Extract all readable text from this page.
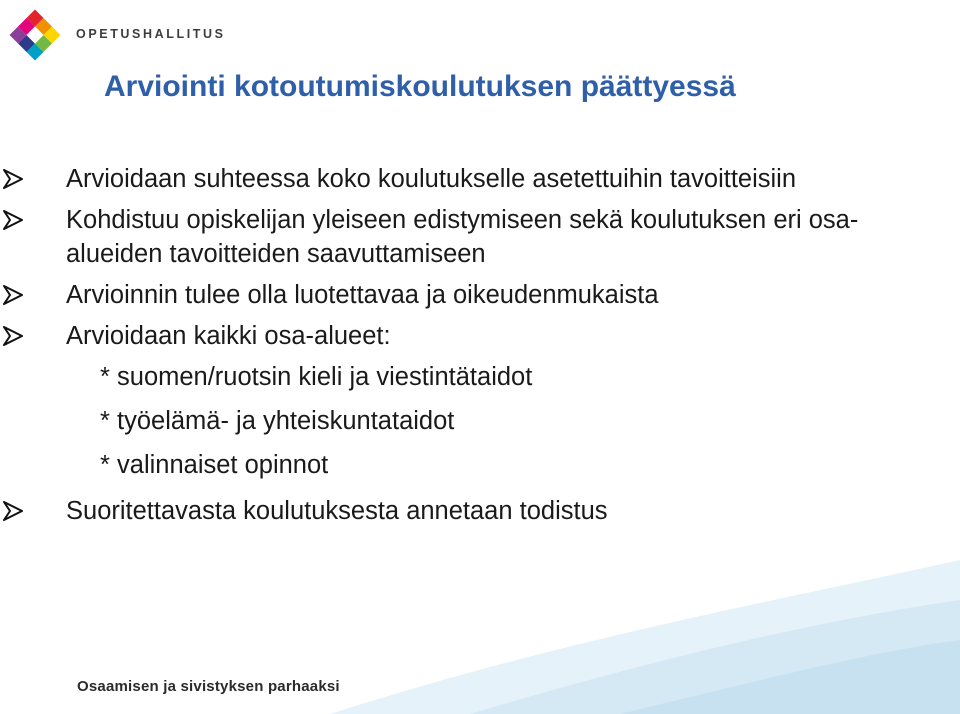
OPETUSHALLITUS
Arviointi kotoutumiskoulutuksen päättyessä
Arvioidaan suhteessa koko koulutukselle asetettuihin tavoitteisiin
Kohdistuu opiskelijan yleiseen edistymiseen sekä koulutuksen eri osa-alueiden tavoitteiden saavuttamiseen
Arvioinnin tulee olla luotettavaa ja oikeudenmukaista
Arvioidaan kaikki osa-alueet:
* suomen/ruotsin kieli ja viestintätaidot
* työelämä- ja yhteiskuntataidot
* valinnaiset opinnot
Suoritettavasta koulutuksesta annetaan todistus
Osaamisen ja sivistyksen parhaaksi
